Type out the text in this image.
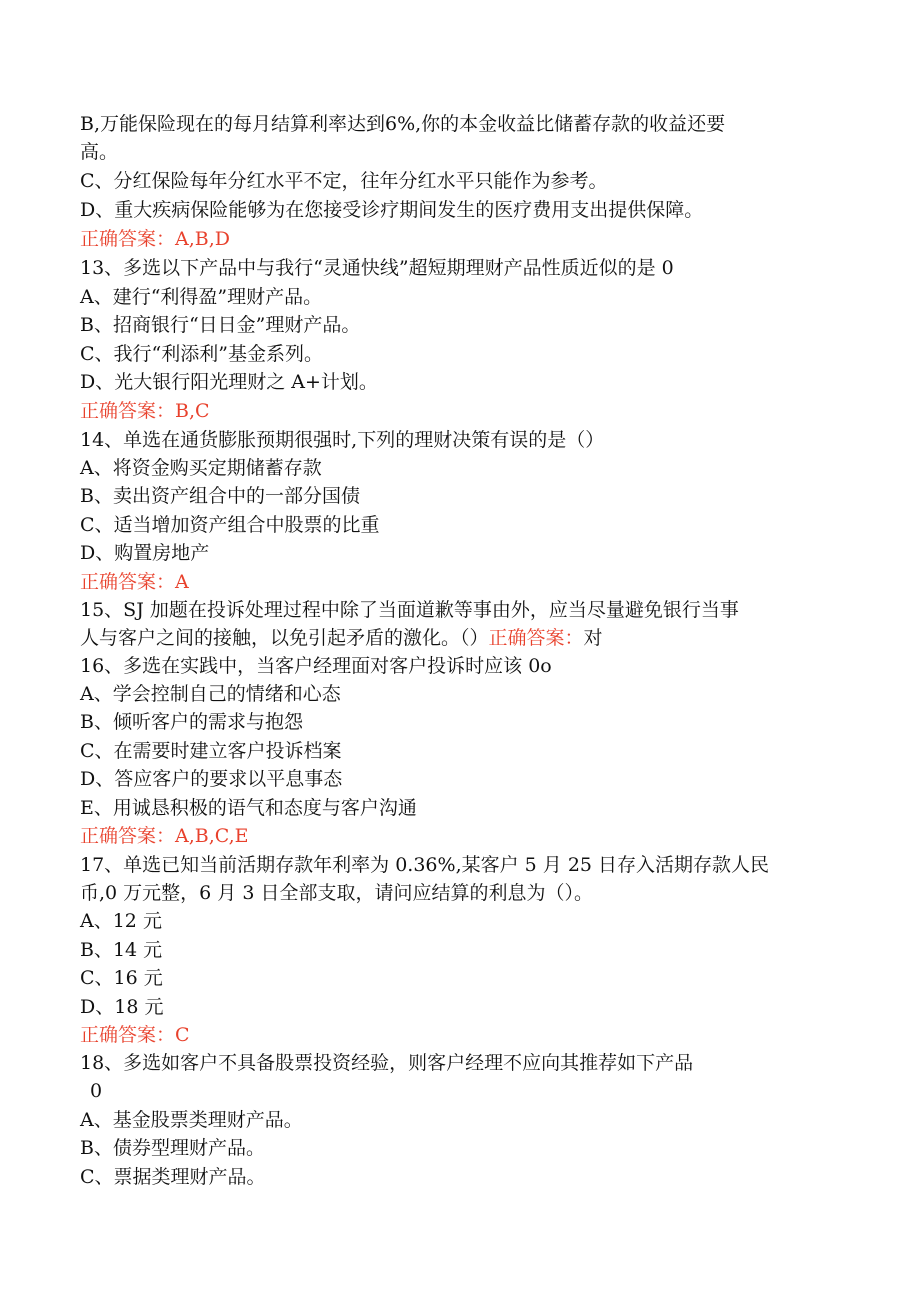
B,万能保险现在的每月结算利率达到6%,你的本金收益比储蓄存款的收益还要
高。
C、分红保险每年分红水平不定，往年分红水平只能作为参考。
D、重大疾病保险能够为在您接受诊疗期间发生的医疗费用支出提供保障。
正确答案：A,B,D
13、多选以下产品中与我行“灵通快线”超短期理财产品性质近似的是 0
A、建行“利得盈”理财产品。
B、招商银行“日日金”理财产品。
C、我行“利添利”基金系列。
D、光大银行阳光理财之 A+计划。
正确答案：B,C
14、单选在通货膨胀预期很强时,下列的理财决策有误的是（）
A、将资金购买定期储蓄存款
B、卖出资产组合中的一部分国债
C、适当增加资产组合中股票的比重
D、购置房地产
正确答案：A
15、SJ 加题在投诉处理过程中除了当面道歉等事由外，应当尽量避免银行当事
人与客户之间的接触，以免引起矛盾的激化。（）正确答案：对
16、多选在实践中，当客户经理面对客户投诉时应该 0o
A、学会控制自己的情绪和心态
B、倾听客户的需求与抱怨
C、在需要时建立客户投诉档案
D、答应客户的要求以平息事态
E、用诚恳积极的语气和态度与客户沟通
正确答案：A,B,C,E
17、单选已知当前活期存款年利率为 0.36%,某客户 5 月 25 日存入活期存款人民
币,0 万元整，6 月 3 日全部支取，请问应结算的利息为（）。
A、12 元
B、14 元
C、16 元
D、18 元
正确答案：C
18、多选如客户不具备股票投资经验，则客户经理不应向其推荐如下产品
0
A、基金股票类理财产品。
B、债券型理财产品。
C、票据类理财产品。
